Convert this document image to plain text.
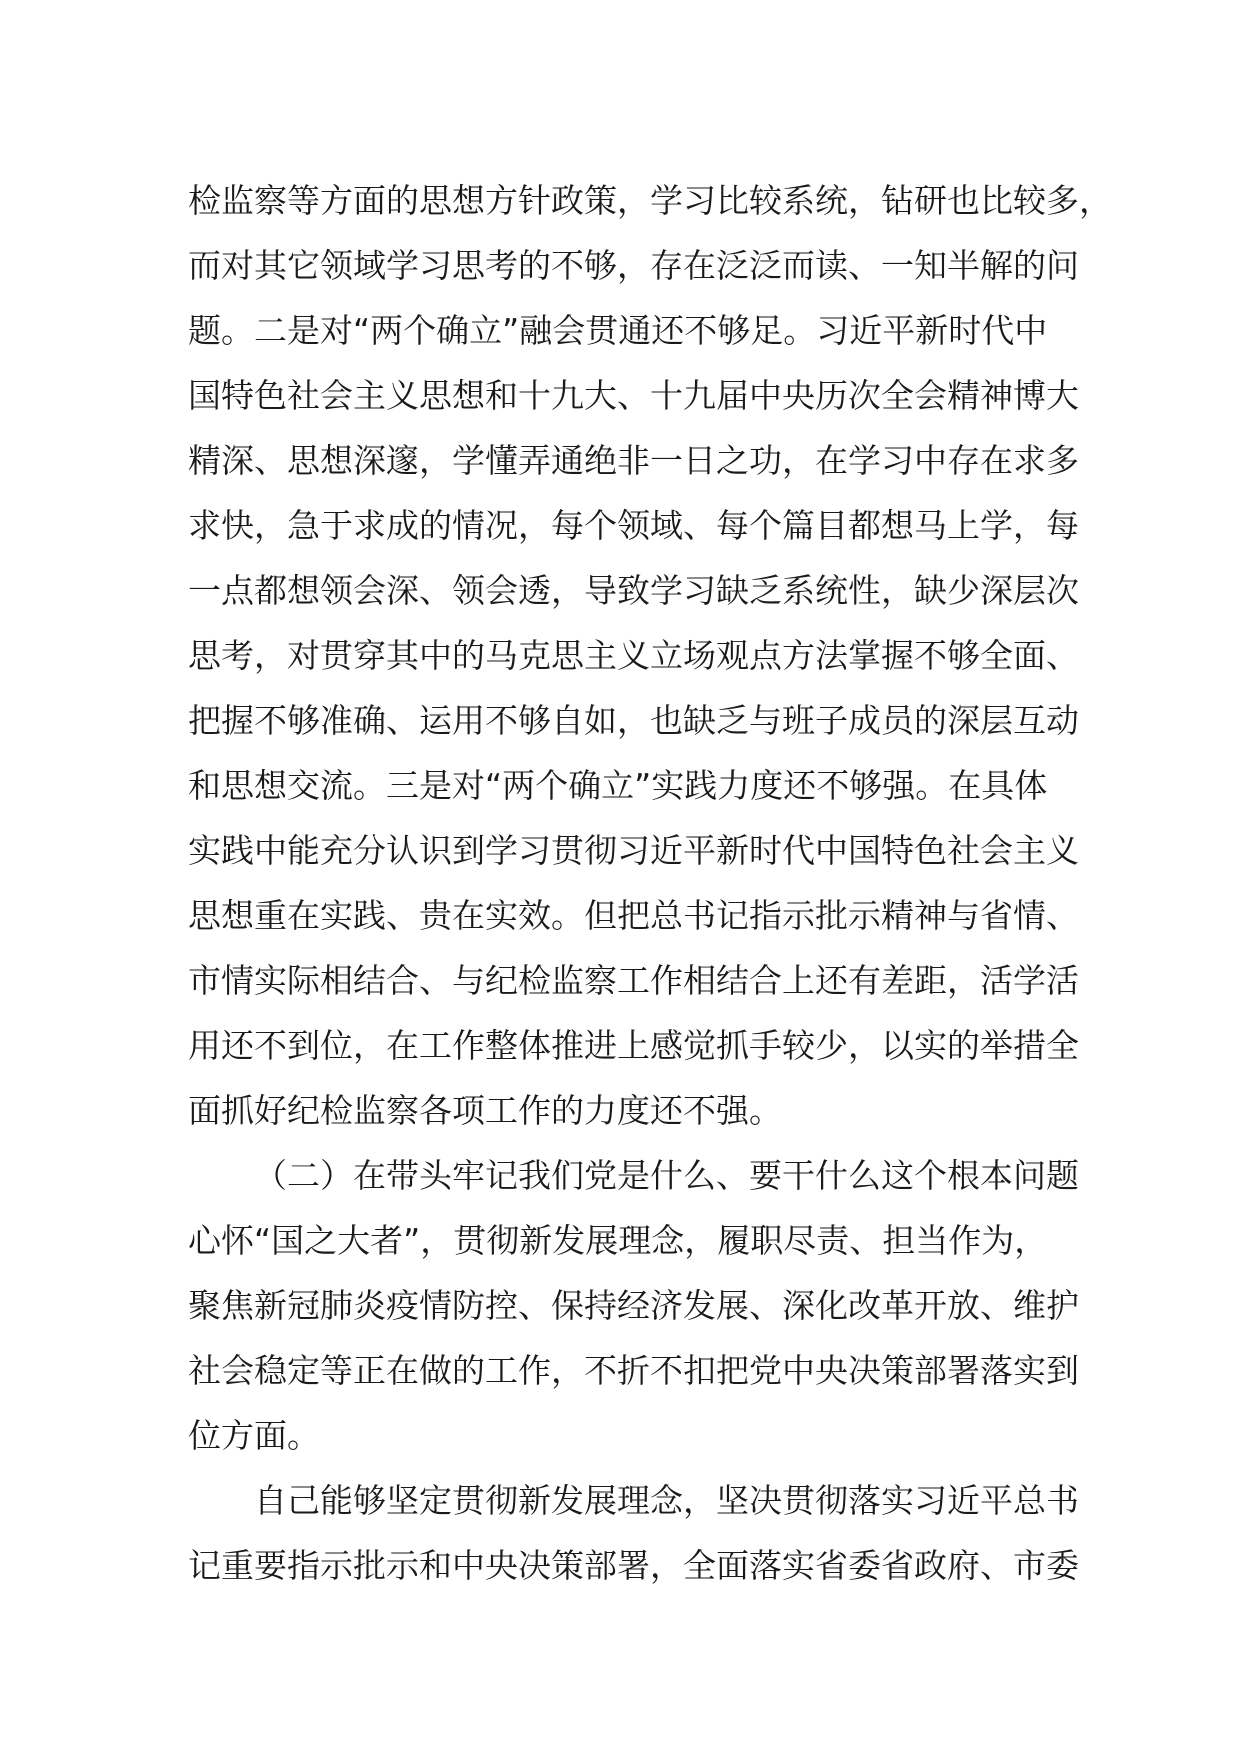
检监察等方面的思想方针政策，学习比较系统，钻研也比较多，
而对其它领域学习思考的不够，存在泛泛而读、一知半解的问
题。二是对“两个确立”融会贯通还不够足。习近平新时代中
国特色社会主义思想和十九大、十九届中央历次全会精神博大
精深、思想深邃，学懂弄通绝非一日之功，在学习中存在求多
求快，急于求成的情况，每个领域、每个篇目都想马上学，每
一点都想领会深、领会透，导致学习缺乏系统性，缺少深层次
思考，对贯穿其中的马克思主义立场观点方法掌握不够全面、
把握不够准确、运用不够自如，也缺乏与班子成员的深层互动
和思想交流。三是对“两个确立”实践力度还不够强。在具体
实践中能充分认识到学习贯彻习近平新时代中国特色社会主义
思想重在实践、贵在实效。但把总书记指示批示精神与省情、
市情实际相结合、与纪检监察工作相结合上还有差距，活学活
用还不到位，在工作整体推进上感觉抓手较少，以实的举措全
面抓好纪检监察各项工作的力度还不强。
（二）在带头牢记我们党是什么、要干什么这个根本问题
心怀“国之大者”，贯彻新发展理念，履职尽责、担当作为，
聚焦新冠肺炎疫情防控、保持经济发展、深化改革开放、维护
社会稳定等正在做的工作，不折不扣把党中央决策部署落实到
位方面。
自己能够坚定贯彻新发展理念，坚决贯彻落实习近平总书
记重要指示批示和中央决策部署，全面落实省委省政府、市委
